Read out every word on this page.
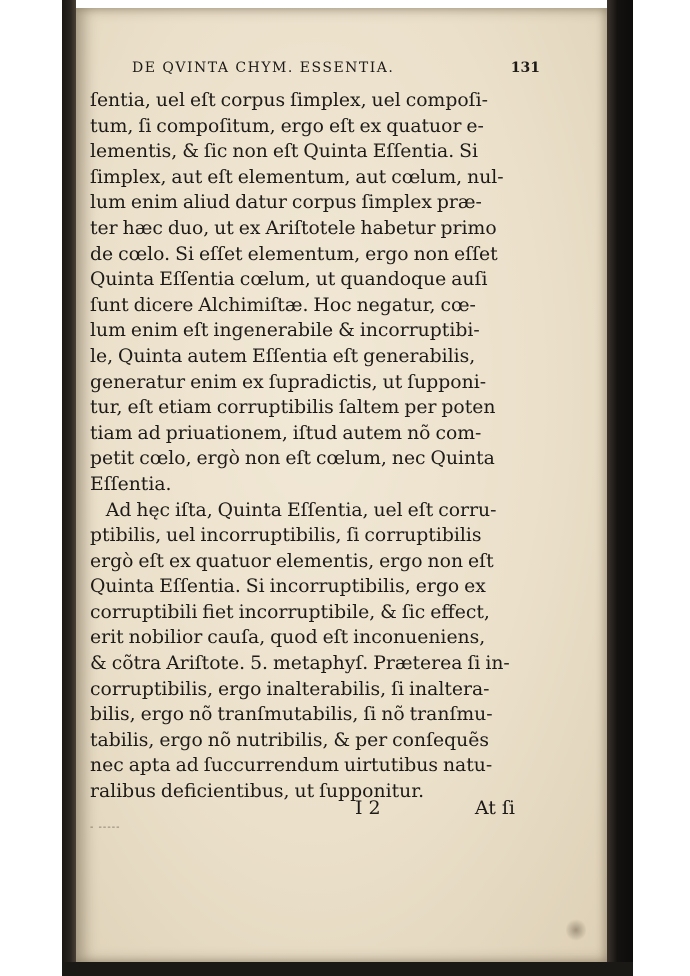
DE QVINTA CHYM. ESSENTIA.	131
ſentia, uel eſt corpus ſimplex, uel compoſi-
tum, ſi compoſitum, ergo eſt ex quatuor e-
lementis, & ſic non eſt Quinta Eſſentia. Si
ſimplex, aut eſt elementum, aut cœlum, nul-
lum enim aliud datur corpus ſimplex præ-
ter hæc duo, ut ex Ariſtotele habetur primo
de cœlo. Si eſſet elementum, ergo non eſſet
Quinta Eſſentia cœlum, ut quandoque auſi
ſunt dicere Alchimiſtæ. Hoc negatur, cœ-
lum enim eſt ingenerabile & incorruptibi-
le, Quinta autem Eſſentia eſt generabilis,
generatur enim ex ſupradictis, ut ſupponi-
tur, eſt etiam corruptibilis ſaltem per poten
tiam ad priuationem, iſtud autem nõ com-
petit cœlo, ergò non eſt cœlum, nec Quinta
Eſſentia.
Ad hęc iſta, Quinta Eſſentia, uel eſt corru-
ptibilis, uel incorruptibilis, ſi corruptibilis
ergò eſt ex quatuor elementis, ergo non eſt
Quinta Eſſentia. Si incorruptibilis, ergo ex
corruptibili fiet incorruptibile, & ſic effect,
erit nobilior cauſa, quod eſt inconueniens,
& cõtra Ariſtote. 5. metaphyſ. Præterea ſi in-
corruptibilis, ergo inalterabilis, ſi inaltera-
bilis, ergo nõ tranſmutabilis, ſi nõ tranſmu-
tabilis, ergo nõ nutribilis, & per conſequẽs
nec apta ad ſuccurrendum uirtutibus natu-
ralibus deficientibus, ut ſupponitur.
I 2	At ſi
- -----
